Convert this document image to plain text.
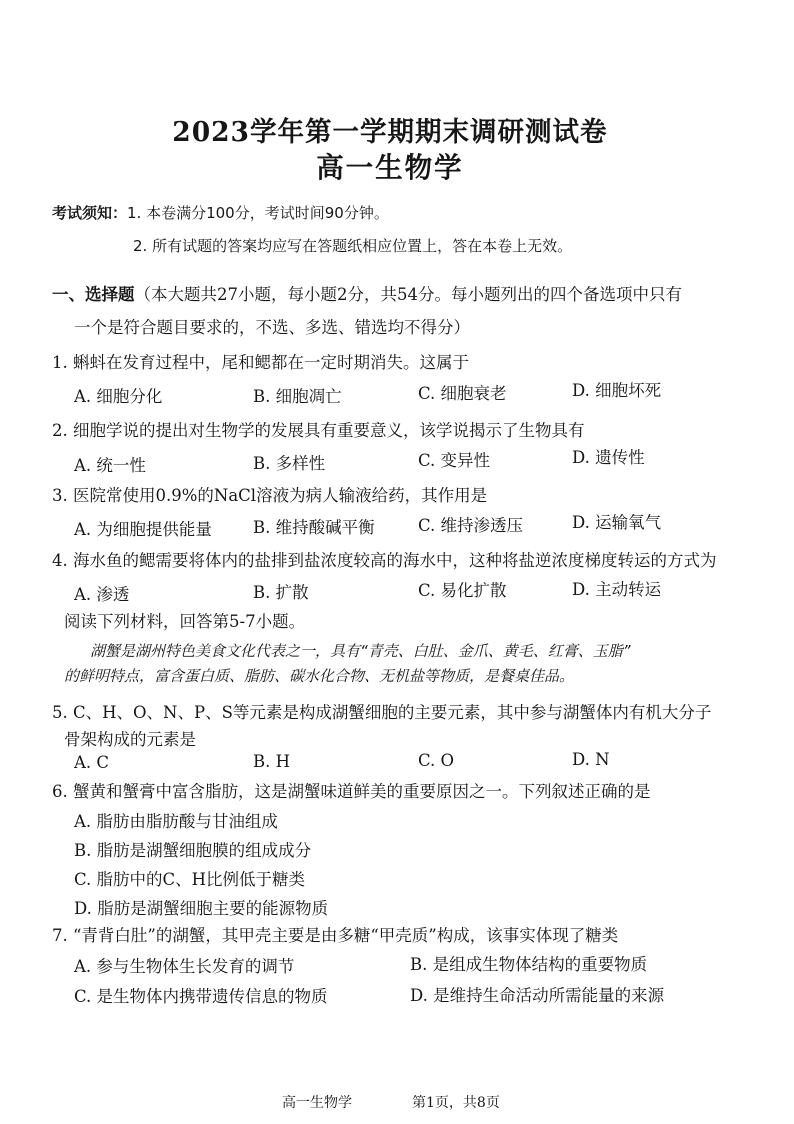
2023学年第一学期期末调研测试卷
高一生物学
考试须知：1. 本卷满分100分，考试时间90分钟。
2. 所有试题的答案均应写在答题纸相应位置上，答在本卷上无效。
一、选择题（本大题共27小题，每小题2分，共54分。每小题列出的四个备选项中只有
一个是符合题目要求的，不选、多选、错选均不得分）
1. 蝌蚪在发育过程中，尾和鳃都在一定时期消失。这属于
A. 细胞分化	B. 细胞凋亡	C. 细胞衰老	D. 细胞坏死
2. 细胞学说的提出对生物学的发展具有重要意义，该学说揭示了生物具有
A. 统一性	B. 多样性	C. 变异性	D. 遗传性
3. 医院常使用0.9%的NaCl溶液为病人输液给药，其作用是
A. 为细胞提供能量 B. 维持酸碱平衡	C. 维持渗透压	D. 运输氧气
4. 海水鱼的鳃需要将体内的盐排到盐浓度较高的海水中，这种将盐逆浓度梯度转运的方式为
A. 渗透	B. 扩散	C. 易化扩散	D. 主动转运
阅读下列材料，回答第5-7小题。
湖蟹是湖州特色美食文化代表之一，具有“青壳、白肚、金爪、黄毛、红膏、玉脂”
的鲜明特点，富含蛋白质、脂肪、碳水化合物、无机盐等物质，是餐桌佳品。
5. C、H、O、N、P、S等元素是构成湖蟹细胞的主要元素，其中参与湖蟹体内有机大分子
骨架构成的元素是
A. C	B. H	C. O	D. N
6. 蟹黄和蟹膏中富含脂肪，这是湖蟹味道鲜美的重要原因之一。下列叙述正确的是
A. 脂肪由脂肪酸与甘油组成
B. 脂肪是湖蟹细胞膜的组成成分
C. 脂肪中的C、H比例低于糖类
D. 脂肪是湖蟹细胞主要的能源物质
7. “青背白肚”的湖蟹，其甲壳主要是由多糖“甲壳质”构成，该事实体现了糖类
A. 参与生物体生长发育的调节	B. 是组成生物体结构的重要物质
C. 是生物体内携带遗传信息的物质	D. 是维持生命活动所需能量的来源
高一生物学	第1页，共8页
